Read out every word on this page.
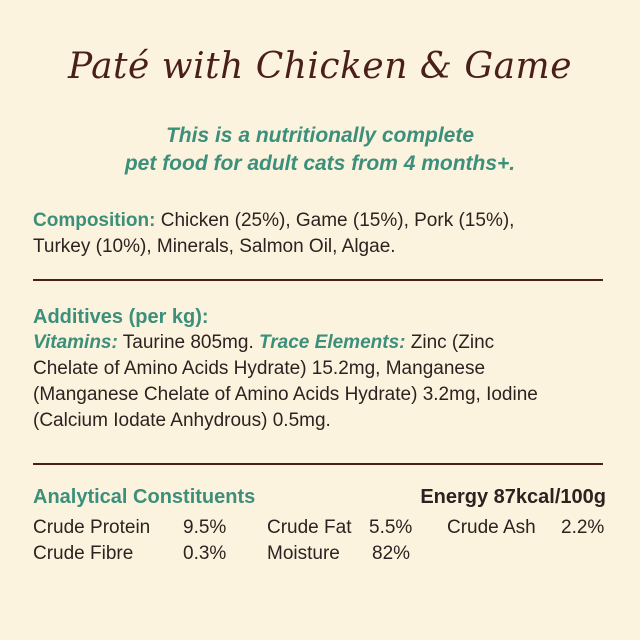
Paté with Chicken & Game
This is a nutritionally complete
pet food for adult cats from 4 months+.
Composition: Chicken (25%), Game (15%), Pork (15%),
Turkey (10%), Minerals, Salmon Oil, Algae.
Additives (per kg):
Vitamins: Taurine 805mg. Trace Elements: Zinc (Zinc
Chelate of Amino Acids Hydrate) 15.2mg, Manganese
(Manganese Chelate of Amino Acids Hydrate) 3.2mg, Iodine
(Calcium Iodate Anhydrous) 0.5mg.
Analytical Constituents	Energy 87kcal/100g
Crude Protein 9.5% Crude Fat 5.5% Crude Ash 2.2%
Crude Fibre	0.3% Moisture 82%
